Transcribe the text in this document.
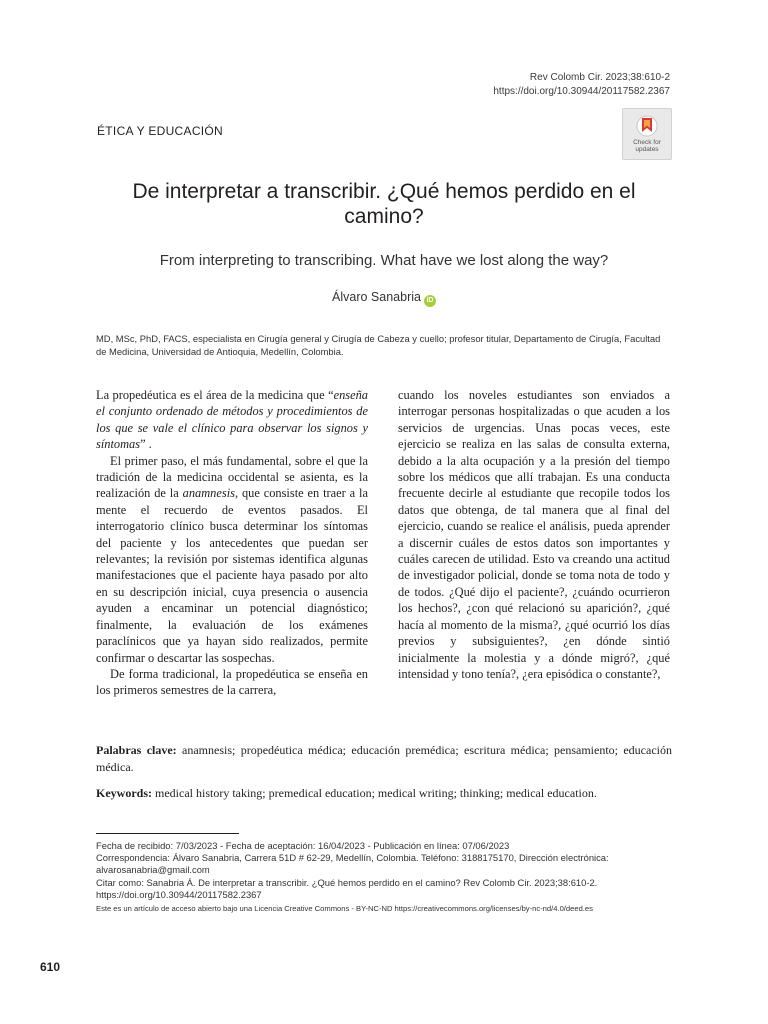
Rev Colomb Cir. 2023;38:610-2
https://doi.org/10.30944/20117582.2367
ÉTICA Y EDUCACIÓN
Check for updates
De interpretar a transcribir. ¿Qué hemos perdido en el camino?
From interpreting to transcribing. What have we lost along the way?
Álvaro Sanabria iD
MD, MSc, PhD, FACS, especialista en Cirugía general y Cirugía de Cabeza y cuello; profesor titular, Departamento de Cirugía, Facultad de Medicina, Universidad de Antioquia, Medellín, Colombia.

La propedéutica es el área de la medicina que “enseña el conjunto ordenado de métodos y procedimientos de los que se vale el clínico para observar los signos y síntomas” .

El primer paso, el más fundamental, sobre el que la tradición de la medicina occidental se asienta, es la realización de la anamnesis, que consiste en traer a la mente el recuerdo de eventos pasados. El interrogatorio clínico busca determinar los síntomas del paciente y los antecedentes que puedan ser relevantes; la revisión por sistemas identifica algunas manifestaciones que el paciente haya pasado por alto en su descripción inicial, cuya presencia o ausencia ayuden a encaminar un potencial diagnóstico; finalmente, la evaluación de los exámenes paraclínicos que ya hayan sido realizados, permite confirmar o descartar las sospechas.

De forma tradicional, la propedéutica se enseña en los primeros semestres de la carrera,

cuando los noveles estudiantes son enviados a interrogar personas hospitalizadas o que acuden a los servicios de urgencias. Unas pocas veces, este ejercicio se realiza en las salas de consulta externa, debido a la alta ocupación y a la presión del tiempo sobre los médicos que allí trabajan. Es una conducta frecuente decirle al estudiante que recopile todos los datos que obtenga, de tal manera que al final del ejercicio, cuando se realice el análisis, pueda aprender a discernir cuáles de estos datos son importantes y cuáles carecen de utilidad. Esto va creando una actitud de investigador policial, donde se toma nota de todo y de todos. ¿Qué dijo el paciente?, ¿cuándo ocurrieron los hechos?, ¿con qué relacionó su aparición?, ¿qué hacía al momento de la misma?, ¿qué ocurrió los días previos y subsiguientes?, ¿en dónde sintió inicialmente la molestia y a dónde migró?, ¿qué intensidad y tono tenía?, ¿era episódica o constante?,

Palabras clave: anamnesis; propedéutica médica; educación premédica; escritura médica; pensamiento; educación médica.

Keywords: medical history taking; premedical education; medical writing; thinking; medical education.

Fecha de recibido: 7/03/2023 - Fecha de aceptación: 16/04/2023 - Publicación en línea: 07/06/2023
Correspondencia: Álvaro Sanabria, Carrera 51D # 62-29, Medellín, Colombia. Teléfono: 3188175170, Dirección electrónica: alvarosanabria@gmail.com
Citar como: Sanabria Á. De interpretar a transcribir. ¿Qué hemos perdido en el camino? Rev Colomb Cir. 2023;38:610-2.
https://doi.org/10.30944/20117582.2367
Este es un artículo de acceso abierto bajo una Licencia Creative Commons - BY-NC-ND https://creativecommons.org/licenses/by-nc-nd/4.0/deed.es
610
